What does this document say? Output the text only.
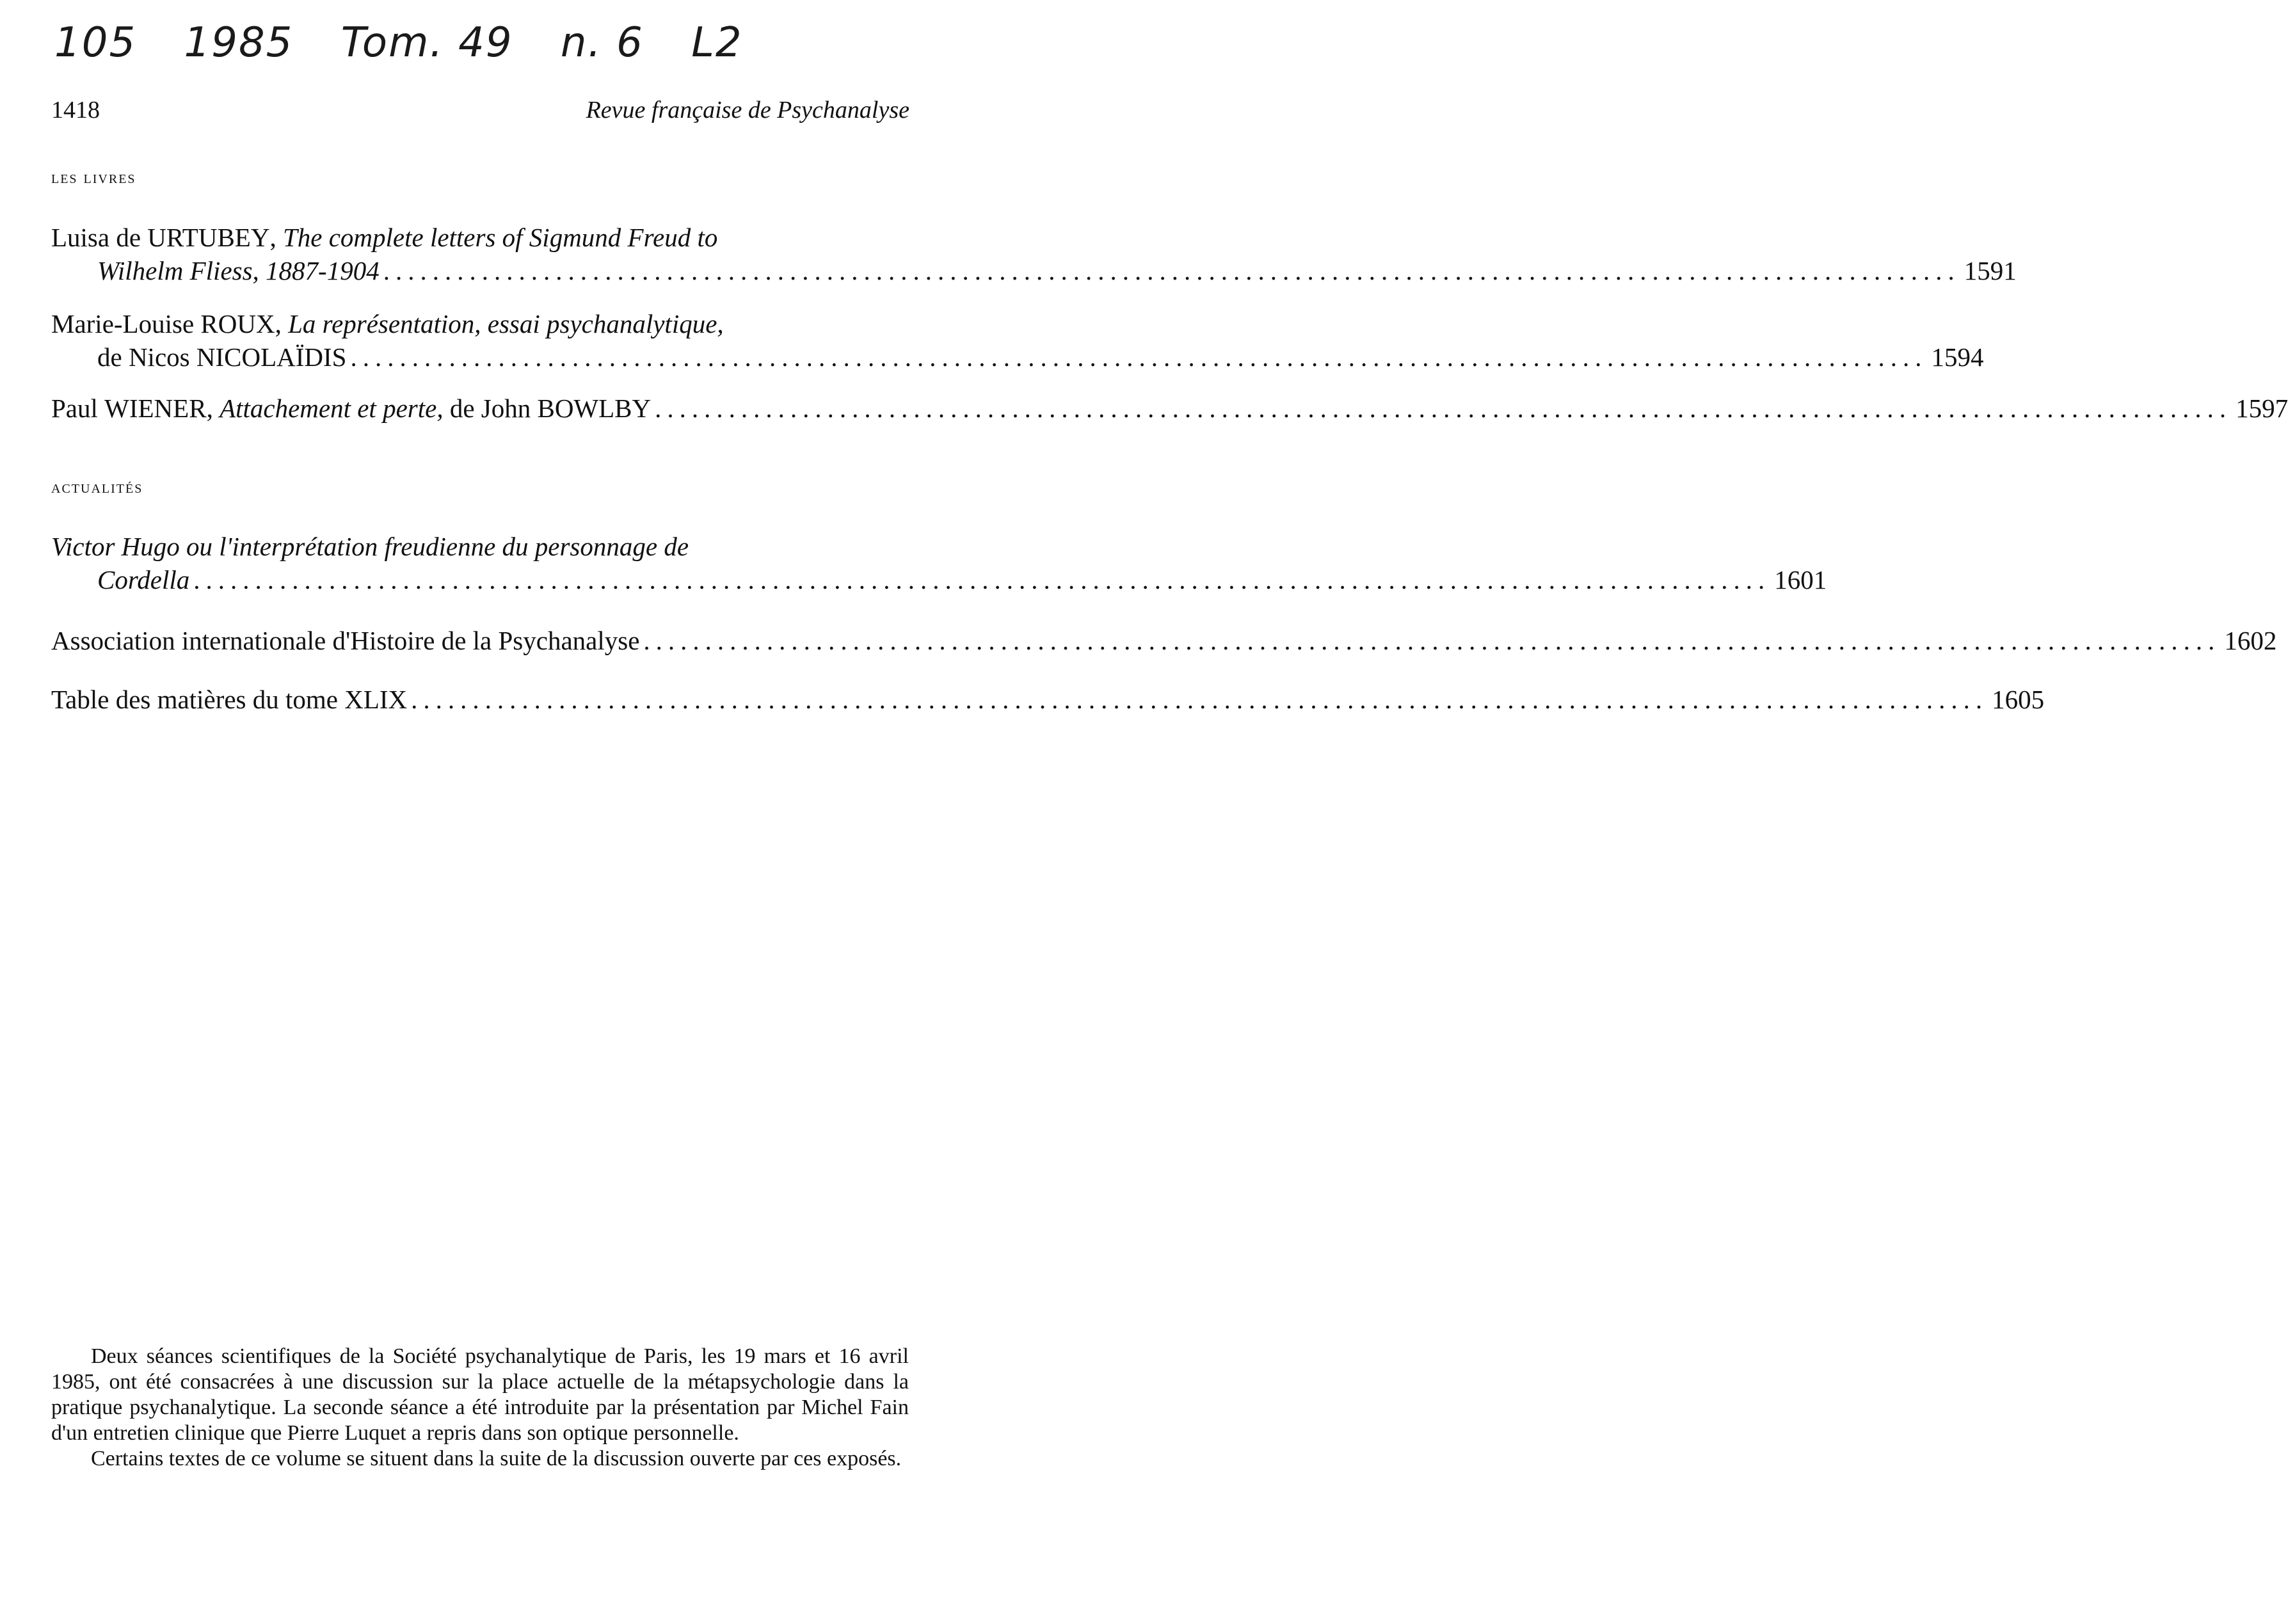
105 1985 Tom. 49 n. 6 L2
1418	Revue française de Psychanalyse
les livres
Luisa de
URTUBEY , The complete letters of Sigmund Freud to
Wilhelm Fliess, 1887-1904 ................................................................................................................................ 1591
Marie-Louise
ROUX , La représentation, essai psychanalytique,
de Nicos NICOLAÏDIS ................................................................................................................................ 1594
Paul
WIENER , Attachement et perte,
de John BOWLBY ................................................................................................................................ 1597
actualités
Victor Hugo ou l'interprétation freudienne du personnage de
Cordella ................................................................................................................................ 1601
Association internationale d'Histoire de la Psychanalyse ................................................................................................................................ 1602
Table des matières du tome XLIX ................................................................................................................................ 1605

Deux séances scientifiques de la Société psychanalytique de Paris, les 19 mars et 16 avril 1985, ont été consacrées à une discussion sur la place actuelle de la métapsychologie dans la pratique psychanalytique. La seconde séance a été introduite par la présentation par Michel Fain d'un entretien clinique que Pierre Luquet a repris dans son optique personnelle.

Certains textes de ce volume se situent dans la suite de la discussion ouverte par ces exposés.
